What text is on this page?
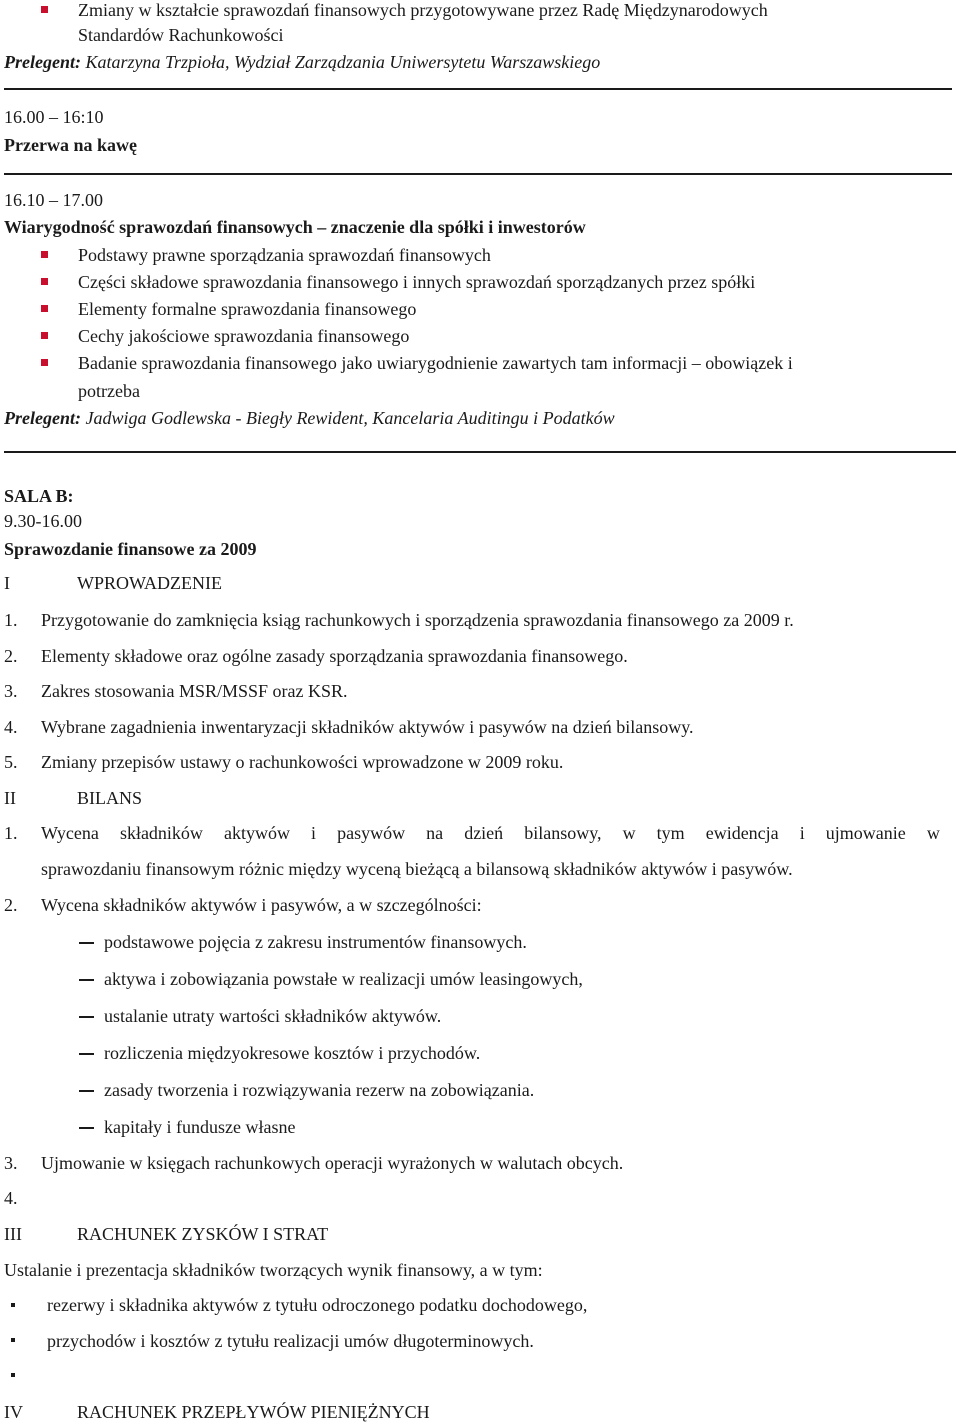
Zmiany w kształcie sprawozdań finansowych przygotowywane przez Radę Międzynarodowych
Standardów Rachunkowości
Prelegent: Katarzyna Trzpioła, Wydział Zarządzania Uniwersytetu Warszawskiego
16.00 – 16:10
Przerwa na kawę
16.10 – 17.00
Wiarygodność sprawozdań finansowych – znaczenie dla spółki i inwestorów
Podstawy prawne sporządzania sprawozdań finansowych
Części składowe sprawozdania finansowego i innych sprawozdań sporządzanych przez spółki
Elementy formalne sprawozdania finansowego
Cechy jakościowe sprawozdania finansowego
Badanie sprawozdania finansowego jako uwiarygodnienie zawartych tam informacji – obowiązek i
potrzeba
Prelegent: Jadwiga Godlewska - Biegły Rewident, Kancelaria Auditingu i Podatków
SALA B:
9.30-16.00
Sprawozdanie finansowe za 2009
I	WPROWADZENIE
1. Przygotowanie do zamknięcia ksiąg rachunkowych i sporządzenia sprawozdania finansowego za 2009 r.
2. Elementy składowe oraz ogólne zasady sporządzania sprawozdania finansowego.
3. Zakres stosowania MSR/MSSF oraz KSR.
4. Wybrane zagadnienia inwentaryzacji składników aktywów i pasywów na dzień bilansowy.
5. Zmiany przepisów ustawy o rachunkowości wprowadzone w 2009 roku.
II	BILANS
1. Wycena składników aktywów i pasywów na dzień bilansowy, w tym ewidencja i ujmowanie w
sprawozdaniu finansowym różnic między wyceną bieżącą a bilansową składników aktywów i pasywów.
2. Wycena składników aktywów i pasywów, a w szczególności:
podstawowe pojęcia z zakresu instrumentów finansowych.
aktywa i zobowiązania powstałe w realizacji umów leasingowych,
ustalanie utraty wartości składników aktywów.
rozliczenia międzyokresowe kosztów i przychodów.
zasady tworzenia i rozwiązywania rezerw na zobowiązania.
kapitały i fundusze własne
3. Ujmowanie w księgach rachunkowych operacji wyrażonych w walutach obcych.
4.
III	RACHUNEK ZYSKÓW I STRAT
Ustalanie i prezentacja składników tworzących wynik finansowy, a w tym:
rezerwy i składnika aktywów z tytułu odroczonego podatku dochodowego,
przychodów i kosztów z tytułu realizacji umów długoterminowych.
IV	RACHUNEK PRZEPŁYWÓW PIENIĘŻNYCH
